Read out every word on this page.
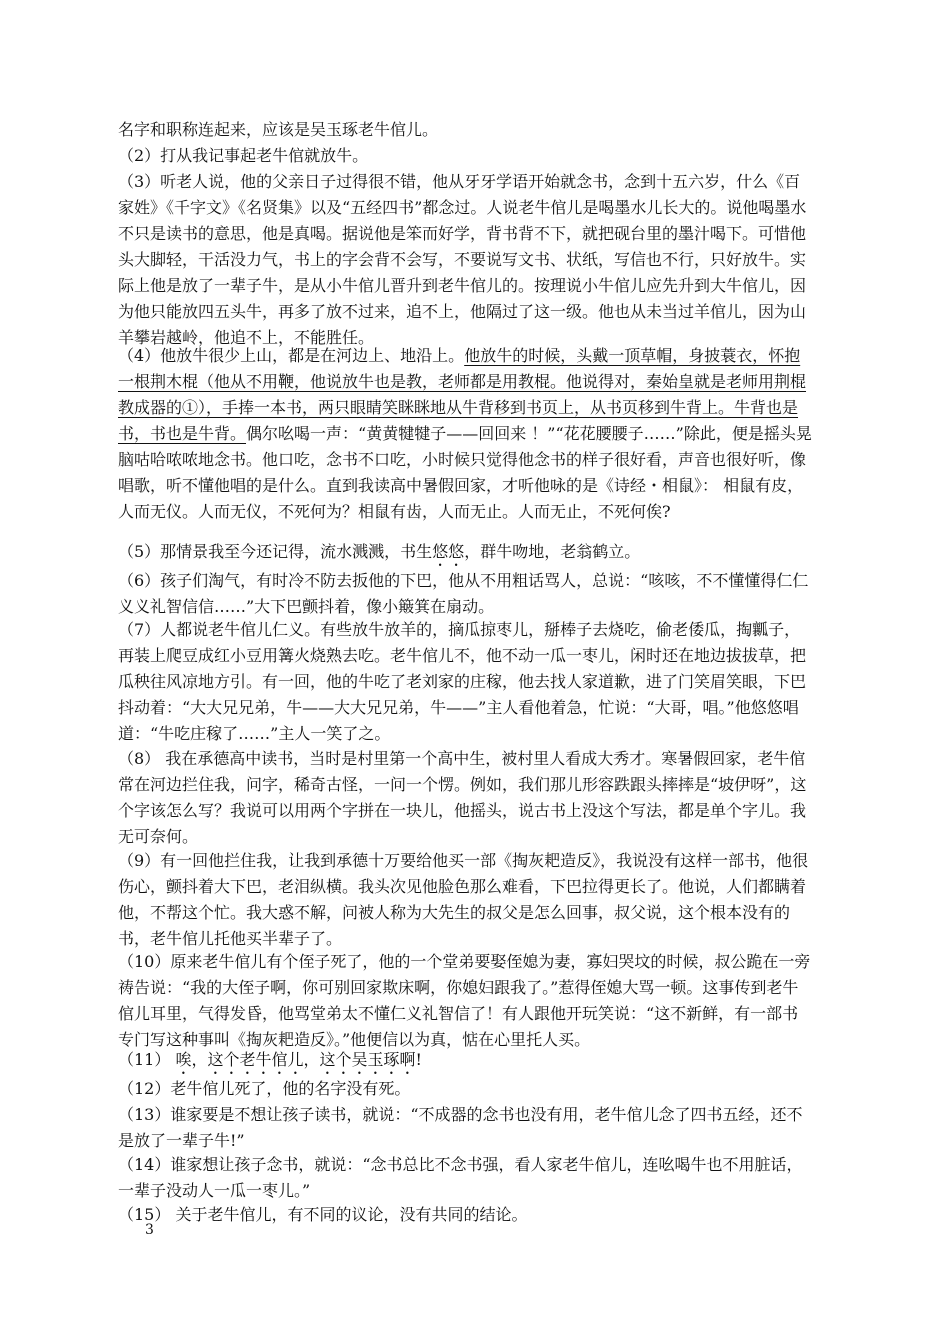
名字和职称连起来，应该是吴玉琢老牛倌儿。

（2）打从我记事起老牛倌就放牛。

（3）听老人说，他的父亲日子过得很不错，他从牙牙学语开始就念书，念到十五六岁，什么《百家姓》《千字文》《名贤集》以及“五经四书”都念过。人说老牛倌儿是喝墨水儿长大的。说他喝墨水不只是读书的意思，他是真喝。据说他是笨而好学，背书背不下，就把砚台里的墨汁喝下。可惜他头大脚轻，干活没力气，书上的字会背不会写，不要说写文书、状纸，写信也不行，只好放牛。实际上他是放了一辈子牛，是从小牛倌儿晋升到老牛倌儿的。按理说小牛倌儿应先升到大牛倌儿，因为他只能放四五头牛，再多了放不过来，追不上，他隔过了这一级。他也从未当过羊倌儿，因为山羊攀岩越岭，他追不上，不能胜任。

（4）他放牛很少上山，都是在河边上、地沿上。他放牛的时候，头戴一顶草帽，身披蓑衣，怀抱一根荆木棍（他从不用鞭，他说放牛也是教，老师都是用教棍。他说得对，秦始皇就是老师用荆棍教成器的①），手捧一本书，两只眼睛笑眯眯地从牛背移到书页上，从书页移到牛背上。牛背也是书，书也是牛背。偶尔吆喝一声：“黄黄犍犍子——回回来 ！”“花花腰腰子……”除此，便是摇头晃脑咕哈哝哝地念书。他口吃，念书不口吃，小时候只觉得他念书的样子很好看，声音也很好听，像唱歌，听不懂他唱的是什么。直到我读高中暑假回家，才听他咏的是《诗经・相鼠》： 相鼠有皮，人而无仪。人而无仪，不死何为？相鼠有齿，人而无止。人而无止，不死何俟?

（5）那情景我至今还记得，流水溅溅，书生悠悠，群牛吻地，老翁鹤立。

（6）孩子们淘气，有时冷不防去扳他的下巴，他从不用粗话骂人，总说：“咳咳，不不懂懂得仁仁义义礼智信信……”大下巴颤抖着，像小簸箕在扇动。

（7）人都说老牛倌儿仁义。有些放牛放羊的，摘瓜掠枣儿，掰棒子去烧吃，偷老倭瓜，掏瓤子，再装上爬豆成红小豆用篝火烧熟去吃。老牛倌儿不，他不动一瓜一枣儿，闲时还在地边拔拔草，把瓜秧往风凉地方引。有一回，他的牛吃了老刘家的庄稼，他去找人家道歉，进了门笑眉笑眼，下巴抖动着：“大大兄兄弟，牛——大大兄兄弟，牛——”主人看他着急，忙说：“大哥，唱。”他悠悠唱道：“牛吃庄稼了……”主人一笑了之。

（8） 我在承德高中读书，当时是村里第一个高中生，被村里人看成大秀才。寒暑假回家，老牛倌常在河边拦住我，问字，稀奇古怪，一问一个愣。例如，我们那儿形容跌跟头摔摔是“坡伊呀”，这个字该怎么写？我说可以用两个字拼在一块儿，他摇头，说古书上没这个写法，都是单个字儿。我无可奈何。

（9）有一回他拦住我，让我到承德十万要给他买一部《掏灰耙造反》，我说没有这样一部书，他很伤心，颤抖着大下巴，老泪纵横。我头次见他脸色那么难看，下巴拉得更长了。他说，人们都瞒着他，不帮这个忙。我大惑不解，问被人称为大先生的叔父是怎么回事，叔父说，这个根本没有的书，老牛倌儿托他买半辈子了。

（10）原来老牛倌儿有个侄子死了，他的一个堂弟要娶侄媳为妻，寡妇哭坟的时候，叔公跪在一旁祷告说：“我的大侄子啊，你可别回家欺床啊，你媳妇跟我了。”惹得侄媳大骂一顿。这事传到老牛倌儿耳里，气得发昏，他骂堂弟太不懂仁义礼智信了！有人跟他开玩笑说：“这不新鲜，有一部书专门写这种事叫《掏灰耙造反》。”他便信以为真，惦在心里托人买。

（11） 唉，这个老牛倌儿，这个吴玉琢啊!

（12）老牛倌儿死了，他的名字没有死。

（13）谁家要是不想让孩子读书，就说：“不成器的念书也没有用，老牛倌儿念了四书五经，还不是放了一辈子牛!”

（14）谁家想让孩子念书，就说：“念书总比不念书强，看人家老牛倌儿，连吆喝牛也不用脏话，一辈子没动人一瓜一枣儿。”

（15） 关于老牛倌儿，有不同的议论，没有共同的结论。

3
